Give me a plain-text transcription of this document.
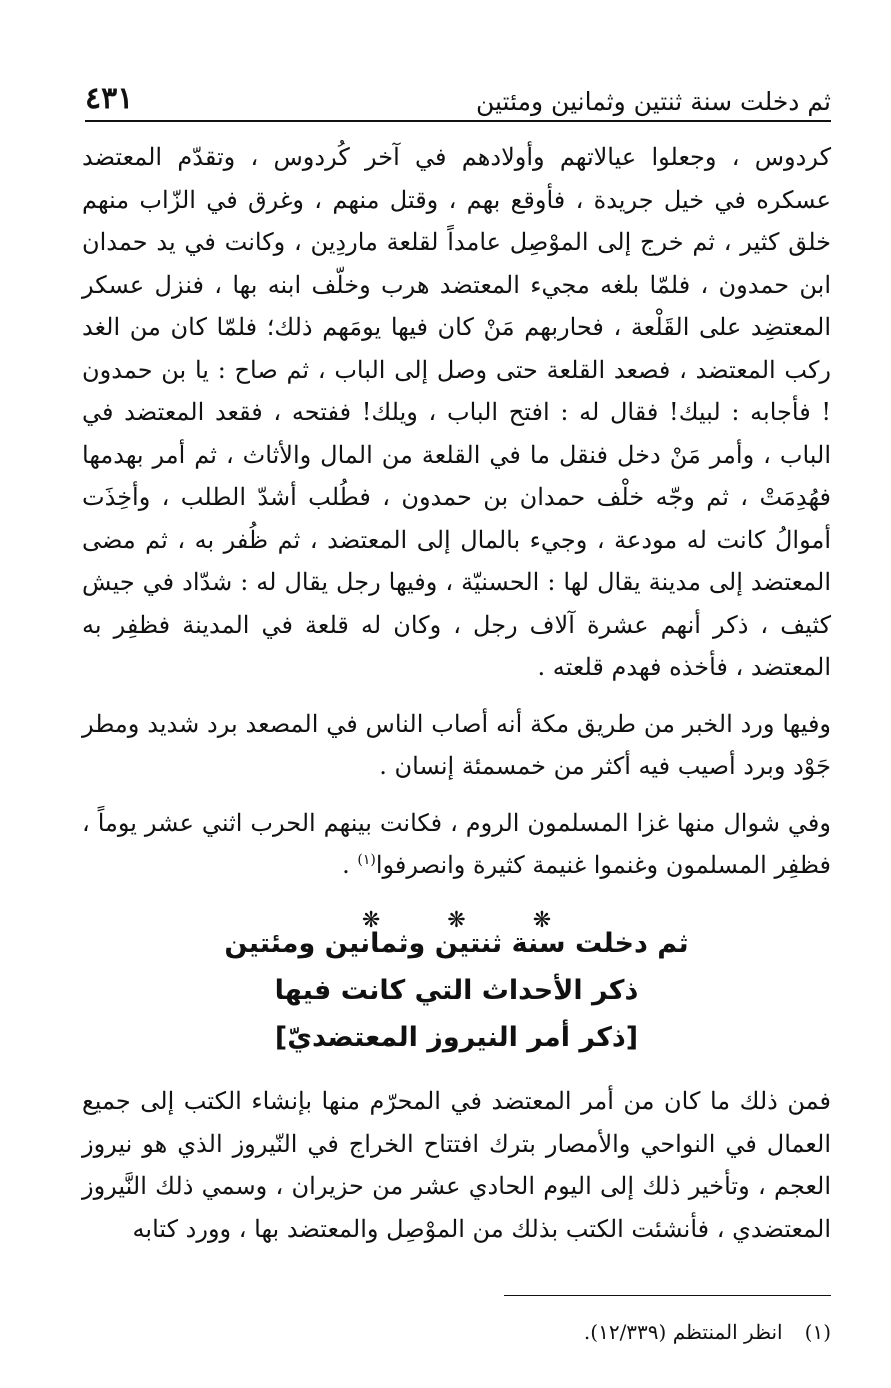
ثم دخلت سنة ثنتين وثمانين ومئتين
٤٣١

كردوس ، وجعلوا عيالاتهم وأولادهم في آخر كُردوس ، وتقدّم المعتضد عسكره في خيل جريدة ، فأوقع بهم ، وقتل منهم ، وغرق في الزّاب منهم خلق كثير ، ثم خرج إلى الموْصِل عامداً لقلعة ماردِين ، وكانت في يد حمدان ابن حمدون ، فلمّا بلغه مجيء المعتضد هرب وخلّف ابنه بها ، فنزل عسكر المعتضِد على القَلْعة ، فحاربهم مَنْ كان فيها يومَهم ذلك؛ فلمّا كان من الغد ركب المعتضد ، فصعد القلعة حتى وصل إلى الباب ، ثم صاح : يا بن حمدون ! فأجابه : لبيك! فقال له : افتح الباب ، ويلك! ففتحه ، فقعد المعتضد في الباب ، وأمر مَنْ دخل فنقل ما في القلعة من المال والأثاث ، ثم أمر بهدمها فهُدِمَتْ ، ثم وجّه خلْف حمدان بن حمدون ، فطُلب أشدّ الطلب ، وأخِذَت أموالُ كانت له مودعة ، وجيء بالمال إلى المعتضد ، ثم ظُفر به ، ثم مضى المعتضد إلى مدينة يقال لها : الحسنيّة ، وفيها رجل يقال له : شدّاد في جيش كثيف ، ذكر أنهم عشرة آلاف رجل ، وكان له قلعة في المدينة فظفِر به المعتضد ، فأخذه فهدم قلعته .

وفيها ورد الخبر من طريق مكة أنه أصاب الناس في المصعد برد شديد ومطر جَوْد وبرد أصيب فيه أكثر من خمسمئة إنسان .

وفي شوال منها غزا المسلمون الروم ، فكانت بينهم الحرب اثني عشر يوماً ، فظفِر المسلمون وغنموا غنيمة كثيرة وانصرفوا$^{(١)}$ .

❋ ❋ ❋

ثم دخلت سنة ثنتين وثمانين ومئتين

ذكر الأحداث التي كانت فيها

[ذكر أمر النيروز المعتضديّ]

فمن ذلك ما كان من أمر المعتضد في المحرّم منها بإنشاء الكتب إلى جميع العمال في النواحي والأمصار بترك افتتاح الخراج في النّيروز الذي هو نيروز العجم ، وتأخير ذلك إلى اليوم الحادي عشر من حزيران ، وسمي ذلك النَّيروز المعتضدي ، فأنشئت الكتب بذلك من الموْصِل والمعتضد بها ، وورد كتابه

(١)
انظر المنتظم (١٢/٣٣٩).
